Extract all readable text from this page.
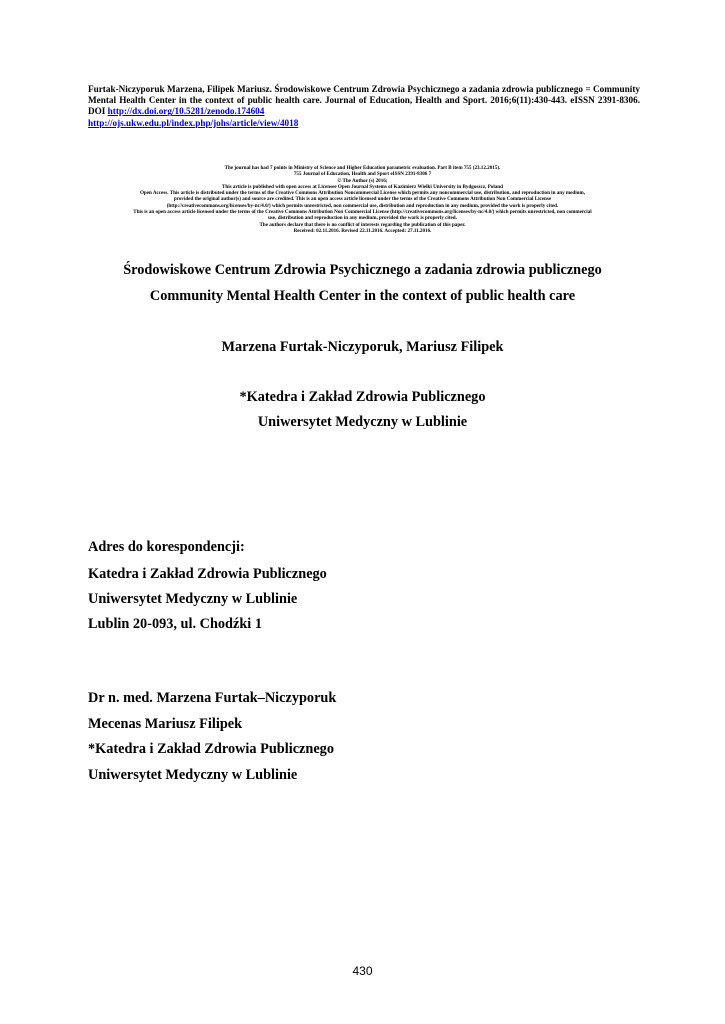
Furtak-Niczyporuk Marzena, Filipek Mariusz. Środowiskowe Centrum Zdrowia Psychicznego a zadania zdrowia publicznego = Community Mental Health Center in the context of public health care. Journal of Education, Health and Sport. 2016;6(11):430-443. eISSN 2391-8306. DOI http://dx.doi.org/10.5281/zenodo.174604
http://ojs.ukw.edu.pl/index.php/johs/article/view/4018
The journal has had 7 points in Ministry of Science and Higher Education parametric evaluation. Part B item 755 (23.12.2015).
755 Journal of Education, Health and Sport eISSN 2391-8306 7
© The Author (s) 2016;
This article is published with open access at Licensee Open Journal Systems of Kazimierz Wielki University in Bydgoszcz, Poland
Open Access. This article is distributed under the terms of the Creative Commons Attribution Noncommercial License which permits any noncommercial use, distribution, and reproduction in any medium,
provided the original author(s) and source are credited. This is an open access article licensed under the terms of the Creative Commons Attribution Non Commercial License
(http://creativecommons.org/licenses/by-nc/4.0/) which permits unrestricted, non commercial use, distribution and reproduction in any medium, provided the work is properly cited.
This is an open access article licensed under the terms of the Creative Commons Attribution Non Commercial License (http://creativecommons.org/licenses/by-nc/4.0/) which permits unrestricted, non commercial
use, distribution and reproduction in any medium, provided the work is properly cited.
The authors declare that there is no conflict of interests regarding the publication of this paper.
Received: 02.11.2016. Revised 22.11.2016. Accepted: 27.11.2016.
Środowiskowe Centrum Zdrowia Psychicznego a zadania zdrowia publicznego
Community Mental Health Center in the context of public health care
Marzena Furtak-Niczyporuk, Mariusz Filipek
*Katedra i Zakład Zdrowia Publicznego
Uniwersytet Medyczny w Lublinie
Adres do korespondencji:
Katedra i Zakład Zdrowia Publicznego
Uniwersytet Medyczny w Lublinie
Lublin 20-093, ul. Chodźki 1
Dr n. med. Marzena Furtak–Niczyporuk
Mecenas Mariusz Filipek
*Katedra i Zakład Zdrowia Publicznego
Uniwersytet Medyczny w Lublinie
430
